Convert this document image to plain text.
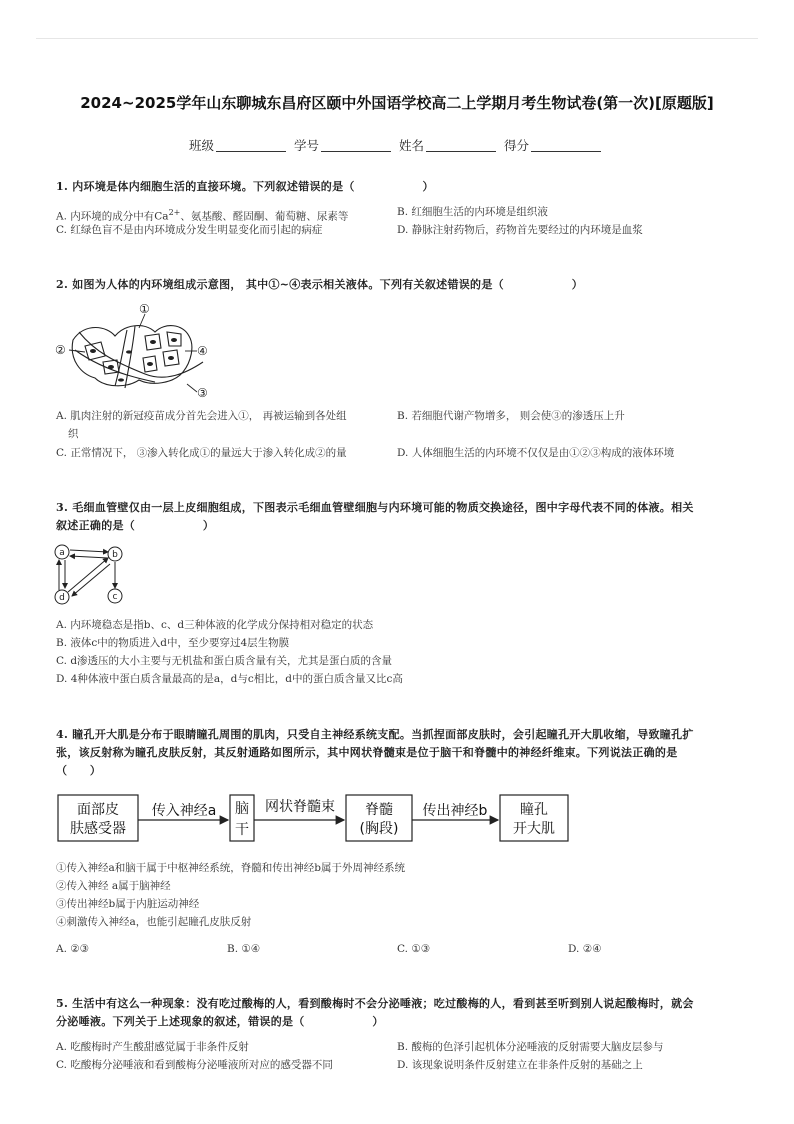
2024~2025学年山东聊城东昌府区颐中外国语学校高二上学期月考生物试卷(第一次)[原题版]
班级	学号	姓名	得分
1. 内环境是体内细胞生活的直接环境。下列叙述错误的是（　　　　　　）
A. 内环境的成分中有$Ca^{2+}$、氨基酸、醛固酮、葡萄糖、尿素等	B. 红细胞生活的内环境是组织液
C. 红绿色盲不是由内环境成分发生明显变化而引起的病症	D. 静脉注射药物后，药物首先要经过的内环境是血浆
2. 如图为人体的内环境组成示意图， 其中①~④表示相关液体。下列有关叙述错误的是（　　　　　　）
①
②
③
④
A. 肌肉注射的新冠疫苗成分首先会进入①， 再被运输到各处组
织
B. 若细胞代谢产物增多， 则会使③的渗透压上升
C. 正常情况下， ③渗入转化成①的量远大于渗入转化成②的量	D. 人体细胞生活的内环境不仅仅是由①②③构成的液体环境
3. 毛细血管壁仅由一层上皮细胞组成，下图表示毛细血管壁细胞与内环境可能的物质交换途径，图中字母代表不同的体液。相关
叙述正确的是（　　　　　　）
a	b
c
d
A. 内环境稳态是指b、c、d三种体液的化学成分保持相对稳定的状态
B. 液体c中的物质进入d中，至少要穿过4层生物膜
C. d渗透压的大小主要与无机盐和蛋白质含量有关，尤其是蛋白质的含量
D. 4种体液中蛋白质含量最高的是a，d与c相比，d中的蛋白质含量又比c高
4. 瞳孔开大肌是分布于眼睛瞳孔周围的肌肉，只受自主神经系统支配。当抓捏面部皮肤时，会引起瞳孔开大肌收缩，导致瞳孔扩
张，该反射称为瞳孔皮肤反射，其反射通路如图所示，其中网状脊髓束是位于脑干和脊髓中的神经纤维束。下列说法正确的是
（　　）
面部皮
肤感受器
传入神经a 脑
干
网状脊髓束 脊髓
(胸段)
传出神经b 瞳孔
开大肌
①传入神经a和脑干属于中枢神经系统，脊髓和传出神经b属于外周神经系统
②传入神经 a属于脑神经
③传出神经b属于内脏运动神经
④刺激传入神经a，也能引起瞳孔皮肤反射
A. ②③	B. ①④	C. ①③	D. ②④
5. 生活中有这么一种现象：没有吃过酸梅的人，看到酸梅时不会分泌唾液；吃过酸梅的人，看到甚至听到别人说起酸梅时，就会
分泌唾液。下列关于上述现象的叙述，错误的是（　　　　　　）
A. 吃酸梅时产生酸甜感觉属于非条件反射	B. 酸梅的色泽引起机体分泌唾液的反射需要大脑皮层参与
C. 吃酸梅分泌唾液和看到酸梅分泌唾液所对应的感受器不同	D. 该现象说明条件反射建立在非条件反射的基础之上
